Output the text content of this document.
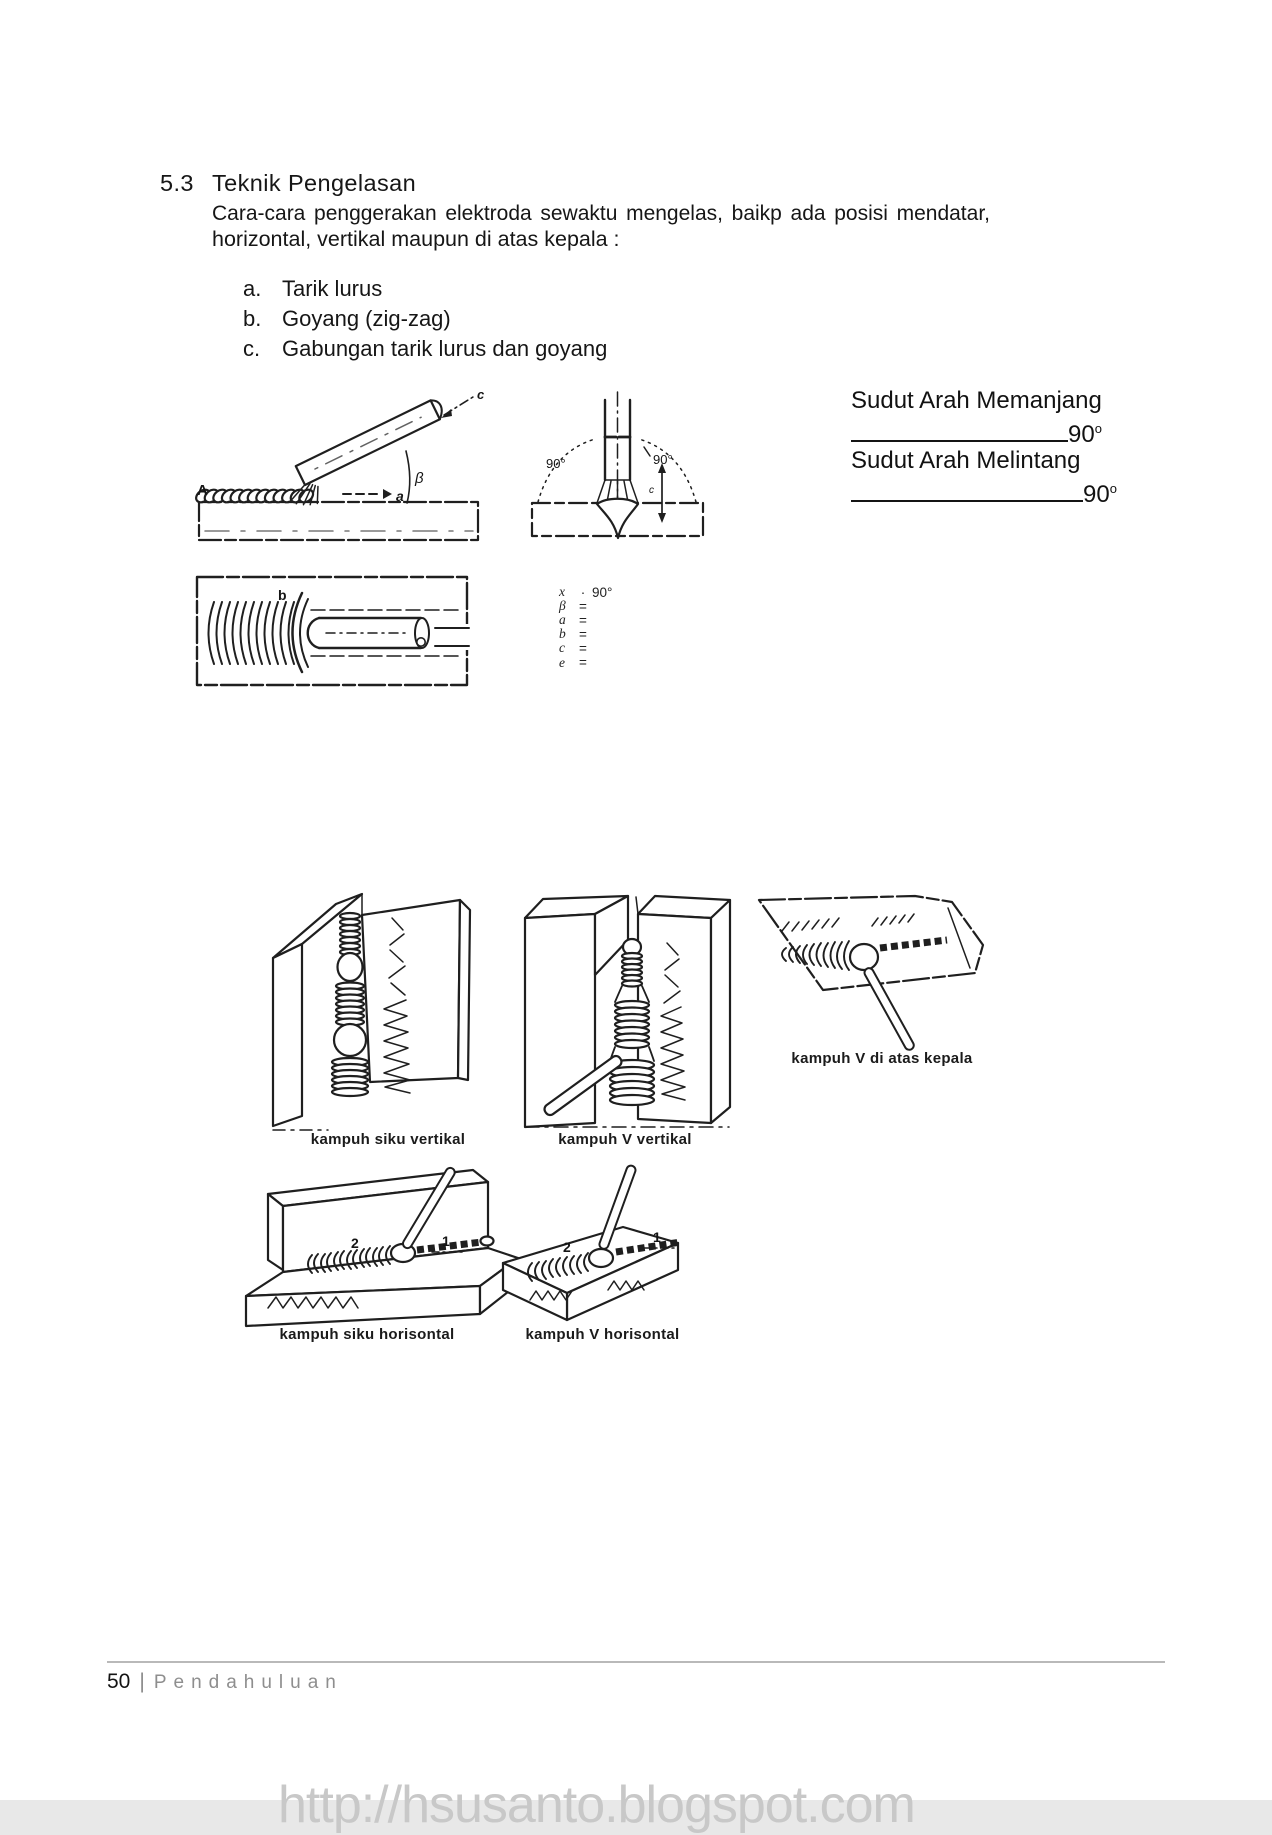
5.3 Teknik Pengelasan
Cara-cara penggerakan elektroda sewaktu mengelas, baikp ada posisi mendatar,
horizontal, vertikal maupun di atas kepala :
a. Tarik lurus
b. Goyang (zig-zag)
c. Gabungan tarik lurus dan goyang
Sudut Arah Memanjang
90$^o$
Sudut Arah Melintang
90$^o$
A	a
β
c
90°	90°
c
b	x	· 90°
β =
a =
b =
c	=
e	=
2	1	2
1
kampuh siku vertikal	kampuh V vertikal
kampuh V di atas kepala
kampuh siku horisontal	kampuh V horisontal
50 | Pendahuluan
http://hsusanto.blogspot.com
